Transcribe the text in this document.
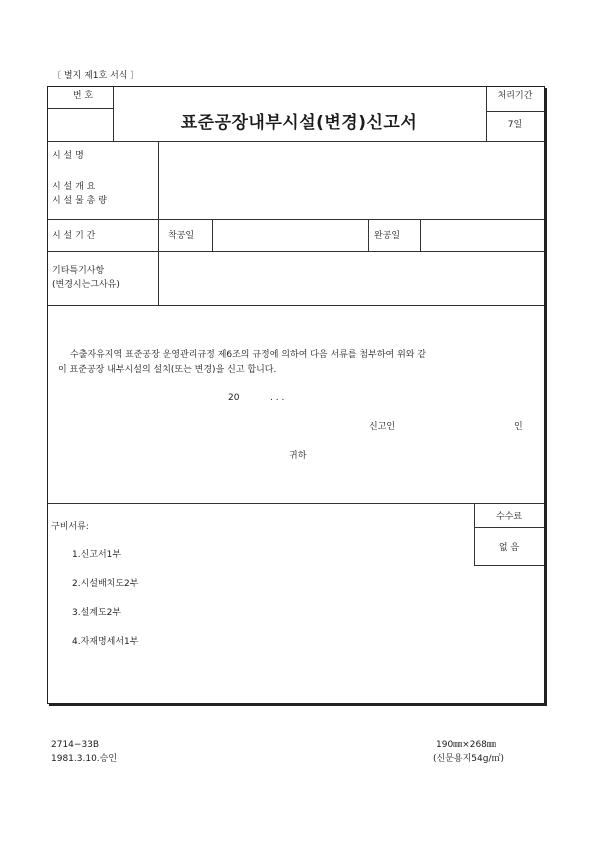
〔 별지 제1호 서식 〕
번 호
표준공장내부시설(변경)신고서
처리기간
7일
시 설 명
시 설 개 요
시 설 물 총 량
시 설 기 간	착공일	완공일
기타특기사항
(변경시는그사유)
수출자유지역 표준공장 운영관리규정 제6조의 규정에 의하여 다음 서류를 첨부하여 위와 같
이 표준공장 내부시설의 설치(또는 변경)을 신고 합니다.
20	. . .
신고인	인
귀하
구비서류:
1.신고서1부
2.시설배치도2부
3.설계도2부
4.자재명세서1부
수수료
없 음
2714−33B
1981.3.10.승인
190㎜×268㎜
(신문용지54g/㎡)
